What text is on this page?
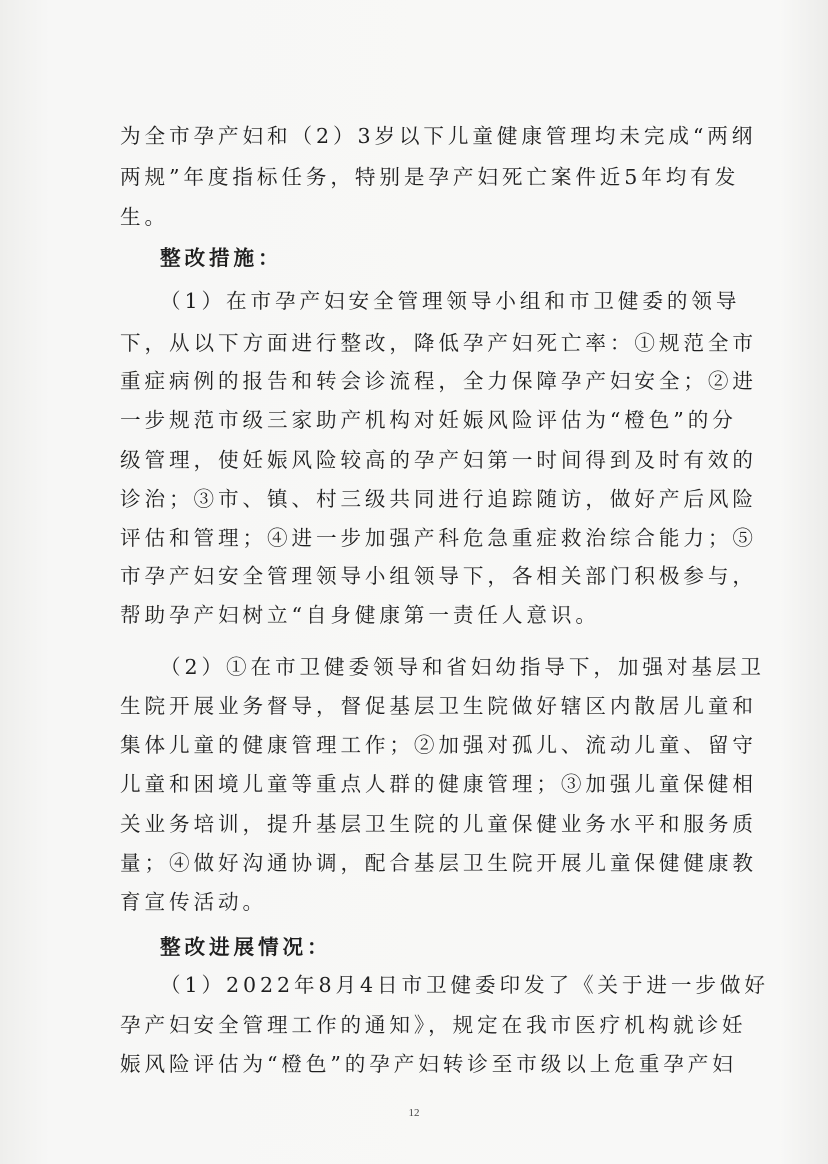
为全市孕产妇和（2）3岁以下儿童健康管理均未完成“两纲
两规”年度指标任务，特别是孕产妇死亡案件近5年均有发
生。
整改措施：
（1）在市孕产妇安全管理领导小组和市卫健委的领导
下，从以下方面进行整改，降低孕产妇死亡率：①规范全市
重症病例的报告和转会诊流程，全力保障孕产妇安全；②进
一步规范市级三家助产机构对妊娠风险评估为“橙色”的分
级管理，使妊娠风险较高的孕产妇第一时间得到及时有效的
诊治；③市、镇、村三级共同进行追踪随访，做好产后风险
评估和管理；④进一步加强产科危急重症救治综合能力；⑤
市孕产妇安全管理领导小组领导下，各相关部门积极参与，
帮助孕产妇树立“自身健康第一责任人意识。
（2）①在市卫健委领导和省妇幼指导下，加强对基层卫
生院开展业务督导，督促基层卫生院做好辖区内散居儿童和
集体儿童的健康管理工作；②加强对孤儿、流动儿童、留守
儿童和困境儿童等重点人群的健康管理；③加强儿童保健相
关业务培训，提升基层卫生院的儿童保健业务水平和服务质
量；④做好沟通协调，配合基层卫生院开展儿童保健健康教
育宣传活动。
整改进展情况：
（1）2022年8月4日市卫健委印发了《关于进一步做好
孕产妇安全管理工作的通知》，规定在我市医疗机构就诊妊
娠风险评估为“橙色”的孕产妇转诊至市级以上危重孕产妇
12
